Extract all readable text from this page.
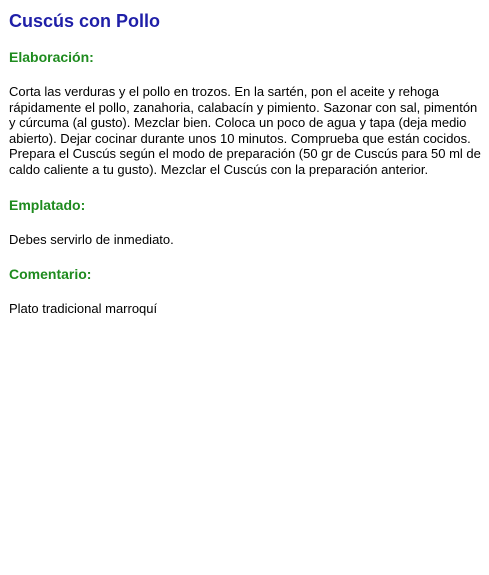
Cuscús con Pollo
Elaboración:

Corta las verduras y el pollo en trozos. En la sartén, pon el aceite y rehoga rápidamente el pollo, zanahoria, calabacín y pimiento. Sazonar con sal, pimentón y cúrcuma (al gusto). Mezclar bien. Coloca un poco de agua y tapa (deja medio abierto). Dejar cocinar durante unos 10 minutos. Comprueba que están cocidos. Prepara el Cuscús según el modo de preparación (50 gr de Cuscús para 50 ml de caldo caliente a tu gusto). Mezclar el Cuscús con la preparación anterior.

Emplatado:

Debes servirlo de inmediato.

Comentario:

Plato tradicional marroquí
